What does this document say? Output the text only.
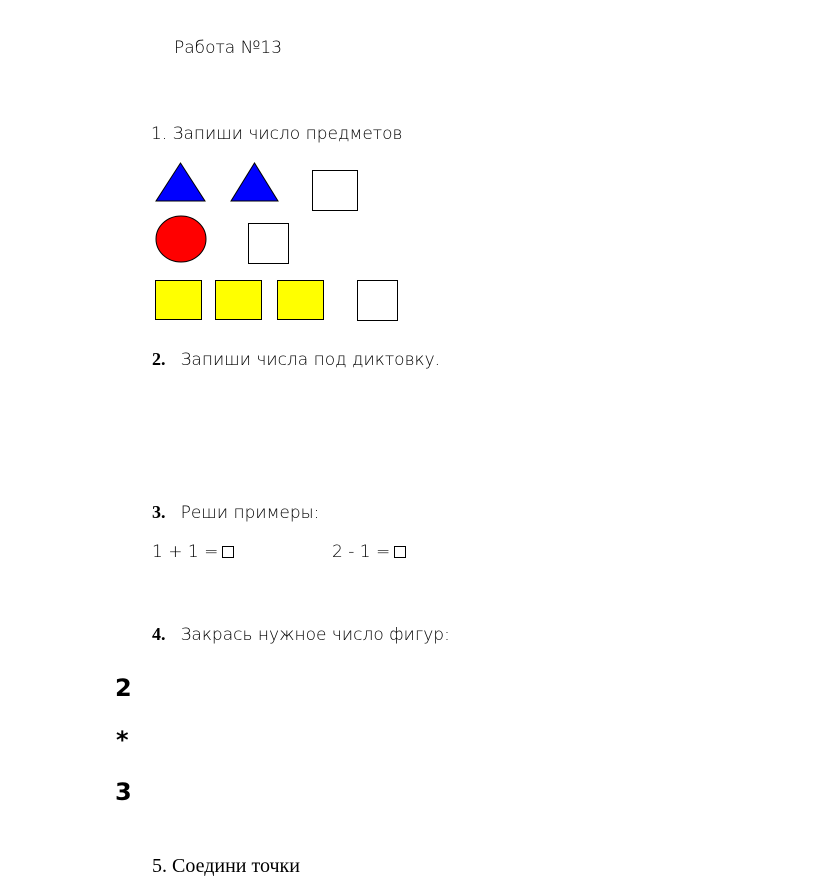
Работа №13
1. Запиши число предметов
2. Запиши числа под диктовку.
3. Реши примеры:
1 + 1 =	2 - 1 =
4. Закрась нужное число фигур:
2
*
3
5. Соедини точки
